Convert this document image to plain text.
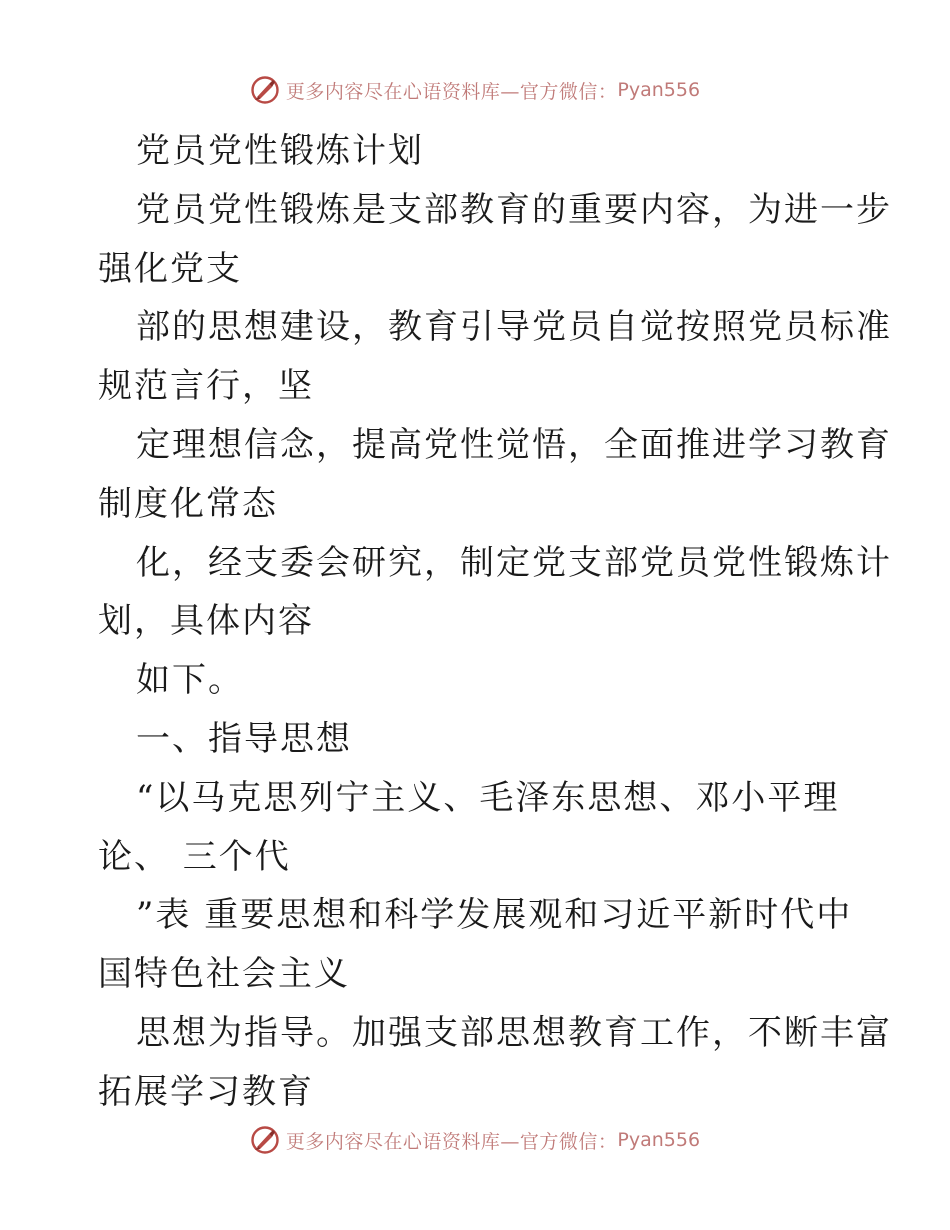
更多内容尽在心语资料库—官方微信： Pyan556
党员党性锻炼计划
党员党性锻炼是支部教育的重要内容，为进一步
强化党支
部的思想建设，教育引导党员自觉按照党员标准
规范言行，坚
定理想信念，提高党性觉悟，全面推进学习教育
制度化常态
化，经支委会研究，制定党支部党员党性锻炼计
划，具体内容
如下。
一、指导思想
“以马克思列宁主义、毛泽东思想、邓小平理
论、 三个代
”表 重要思想和科学发展观和习近平新时代中
国特色社会主义
思想为指导。加强支部思想教育工作，不断丰富
拓展学习教育
更多内容尽在心语资料库—官方微信： Pyan556
